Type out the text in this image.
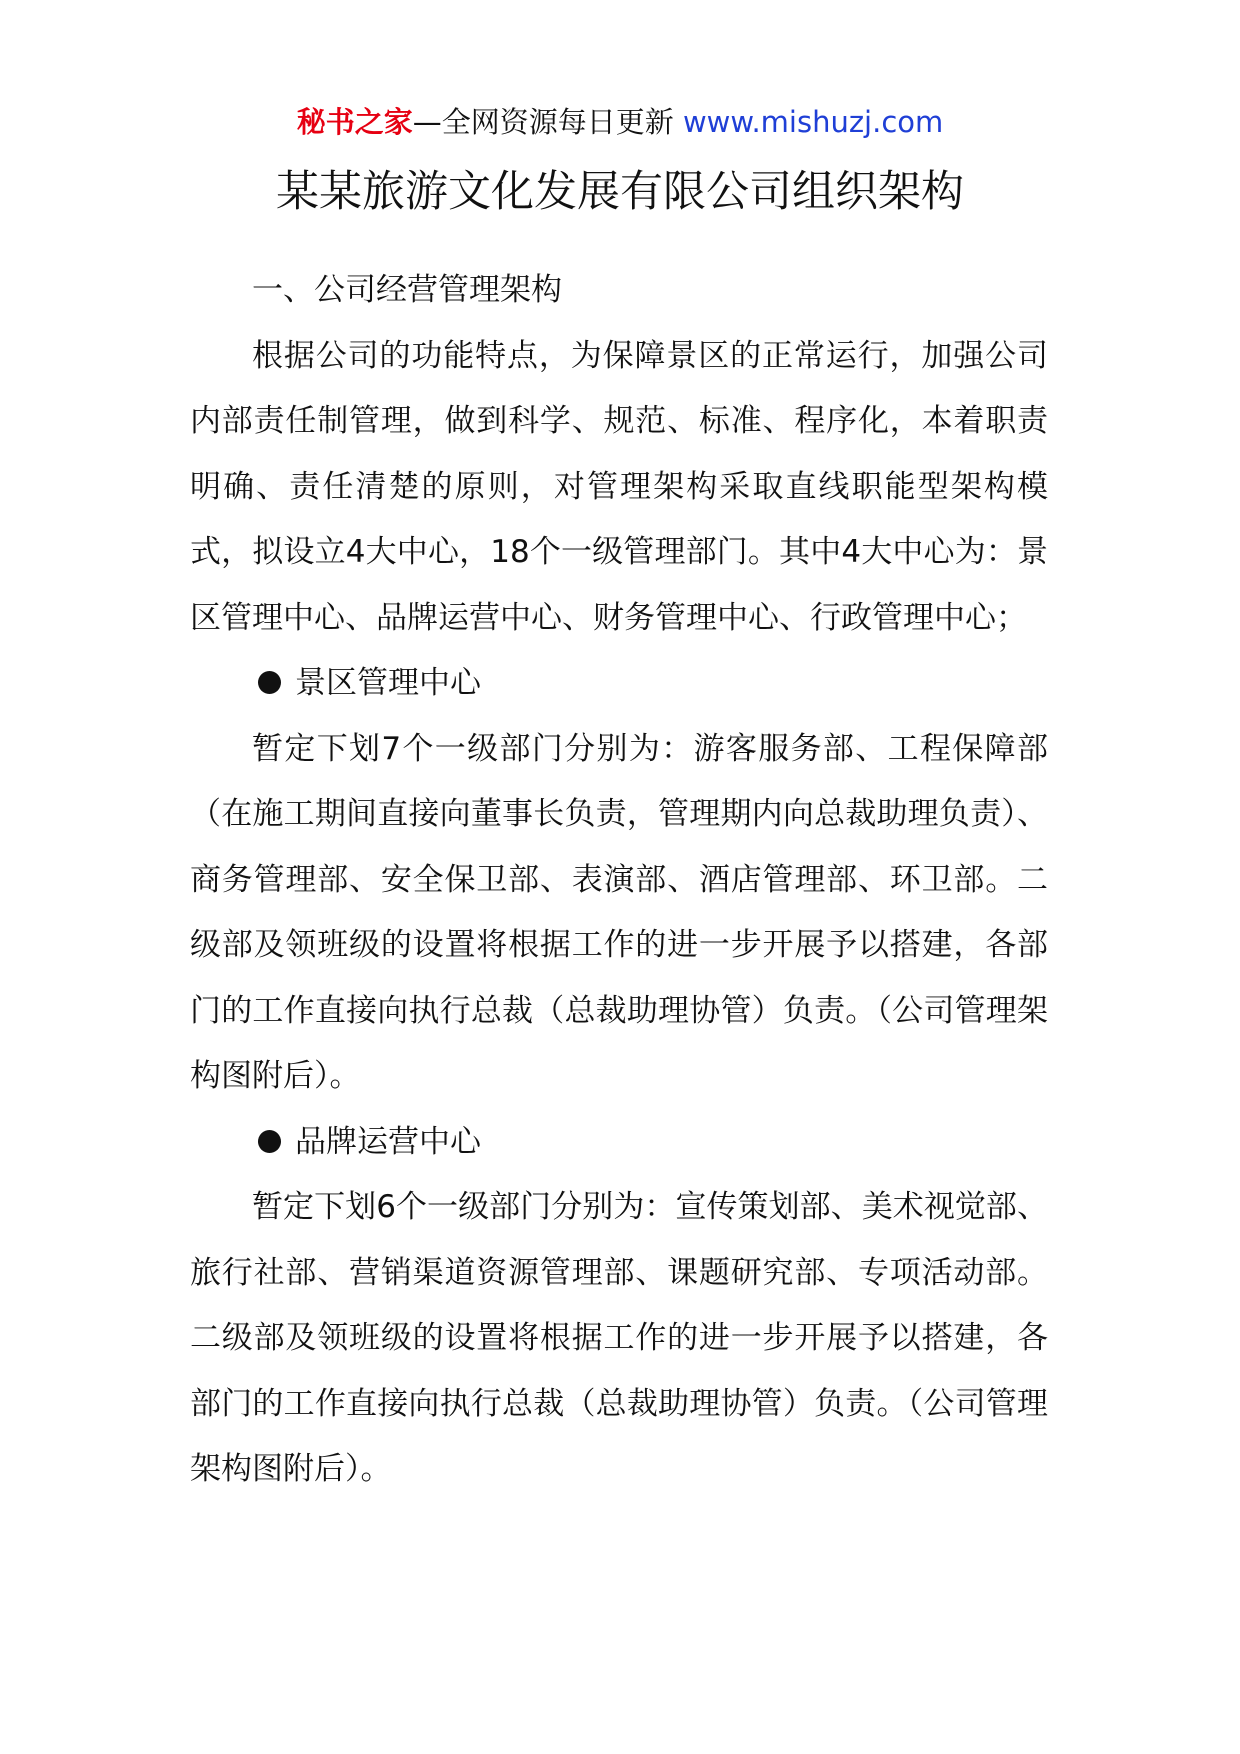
秘书之家—全网资源每日更新 www.mishuzj.com
某某旅游文化发展有限公司组织架构

一、公司经营管理架构

根据公司的功能特点，为保障景区的正常运行，加强公司内部责任制管理，做到科学、规范、标准、程序化，本着职责明确、责任清楚的原则，对管理架构采取直线职能型架构模式，拟设立4大中心，18个一级管理部门。其中4大中心为：景区管理中心、品牌运营中心、财务管理中心、行政管理中心；

景区管理中心

暂定下划7个一级部门分别为：游客服务部、工程保障部（在施工期间直接向董事长负责，管理期内向总裁助理负责）、商务管理部、安全保卫部、表演部、酒店管理部、环卫部。二级部及领班级的设置将根据工作的进一步开展予以搭建，各部门的工作直接向执行总裁（总裁助理协管）负责。（公司管理架构图附后）。

品牌运营中心

暂定下划6个一级部门分别为：宣传策划部、美术视觉部、旅行社部、营销渠道资源管理部、课题研究部、专项活动部。二级部及领班级的设置将根据工作的进一步开展予以搭建，各部门的工作直接向执行总裁（总裁助理协管）负责。（公司管理架构图附后）。
